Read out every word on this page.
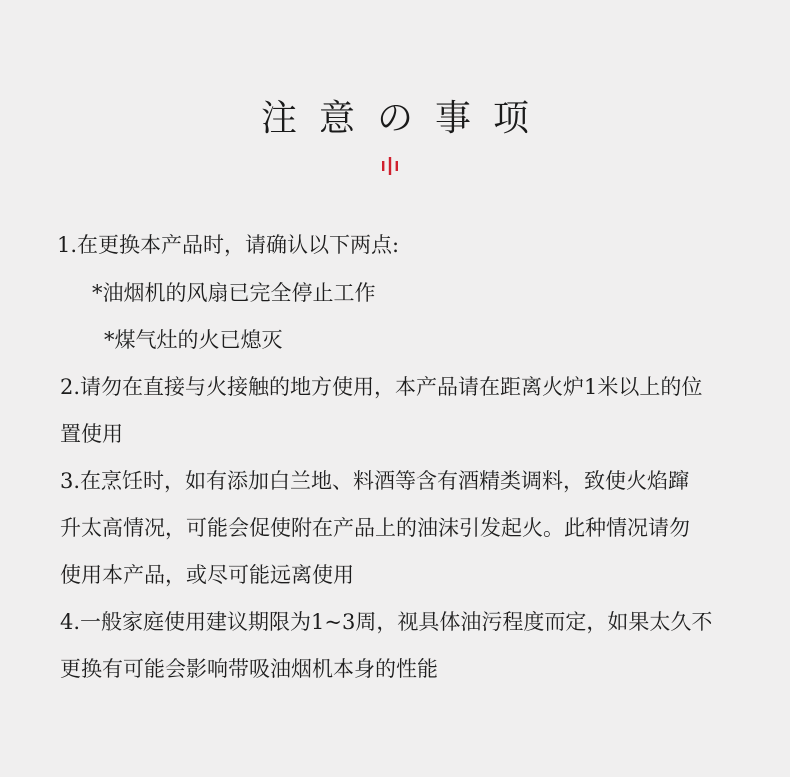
注意の事项
1.在更换本产品时，请确认以下两点:
*油烟机的风扇已完全停止工作
*煤气灶的火已熄灭
2.请勿在直接与火接触的地方使用，本产品请在距离火炉1米以上的位
置使用
3.在烹饪时，如有添加白兰地、料酒等含有酒精类调料，致使火焰蹿
升太高情况，可能会促使附在产品上的油沫引发起火。此种情况请勿
使用本产品，或尽可能远离使用
4.一般家庭使用建议期限为1~3周，视具体油污程度而定，如果太久不
更换有可能会影响带吸油烟机本身的性能
